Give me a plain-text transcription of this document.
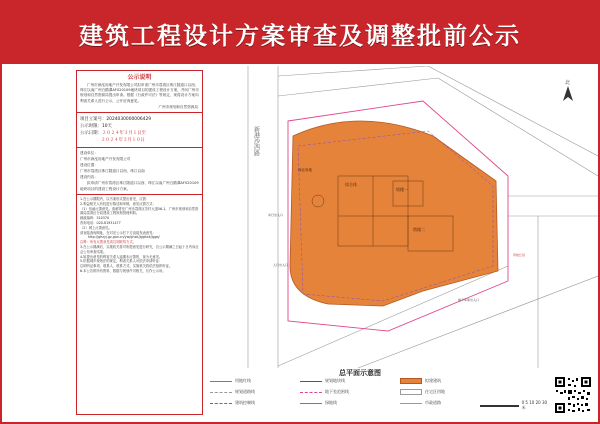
建筑工程设计方案审查及调整批前公示
公示说明
广州市润泓房地产开发有限公司拟申请广州市荔湾区珠江隧道口以西、珠江以南广州白鹅潭AF020109地块项目的建设工程设计方案，并向广州市规划和自然资源局提出申请。根据《行政许可法》等规定，现将设计方案向利害关系人进行公示，公开征询意见。
广州市规划和自然资源局
项目立案号：2024030000006429
公示时限：10天
公示日期：２０２４年３月１日至
２０２４年３月１０日
建设单位：
广州市润泓房地产开发有限公司
建设位置：
广州市荔湾区珠江隧道口以西、珠江以南
建设内容：
拟申请广州市荔湾区珠江隧道口以西、珠江以南广州白鹅潭AF020109地块项目的建设工程设计方案。
1.在公示期限内，以书面形式提出意见，反馈：
2.利益相关人有权进行陈述和申辩，意见反馈方式：
（1）信函反馈意见。请邮寄至广州市荔湾区芳村大道56-1，广州市规划和自然资源局荔湾区分局建设工程规划管理科收。
邮政编码：510370
咨询电话：020-81931477
（2）网上反馈意见。
请登陆查询网址，在对应公示栏下方直接发表意见：
http://ghzyj.gz.gov.cn/yw/ghxk/jgghxk/jggs/
注释：所有反馈意见须注明联络方式。
3.在公示期满后，实施机关将对所提意见进行研究，自公示期满之日起十日内向社会公布审查结果。
4.如提出意见的利害关系人逾期未反馈的，视为无意见。
5.依据城乡规划法的规定，利害关系人可依法申请听证：
注明听证事项、联系人、联系方式，实施机关将依法组织听证。
6.本公告的所有资料、数据与规划许可相关，仅作公示用。
新港沙西路
综合体
塔楼一
塔楼二
商业用地
车行出入口
人行出入口
地下车库出入口
用地红线
北
总平面示意图
用地红线
规划道路线
建筑控制线
规划地块线
地下室范围线
绿地线
拟建建筑
住宅区用地
市政道路	0 5 10 20 30米
